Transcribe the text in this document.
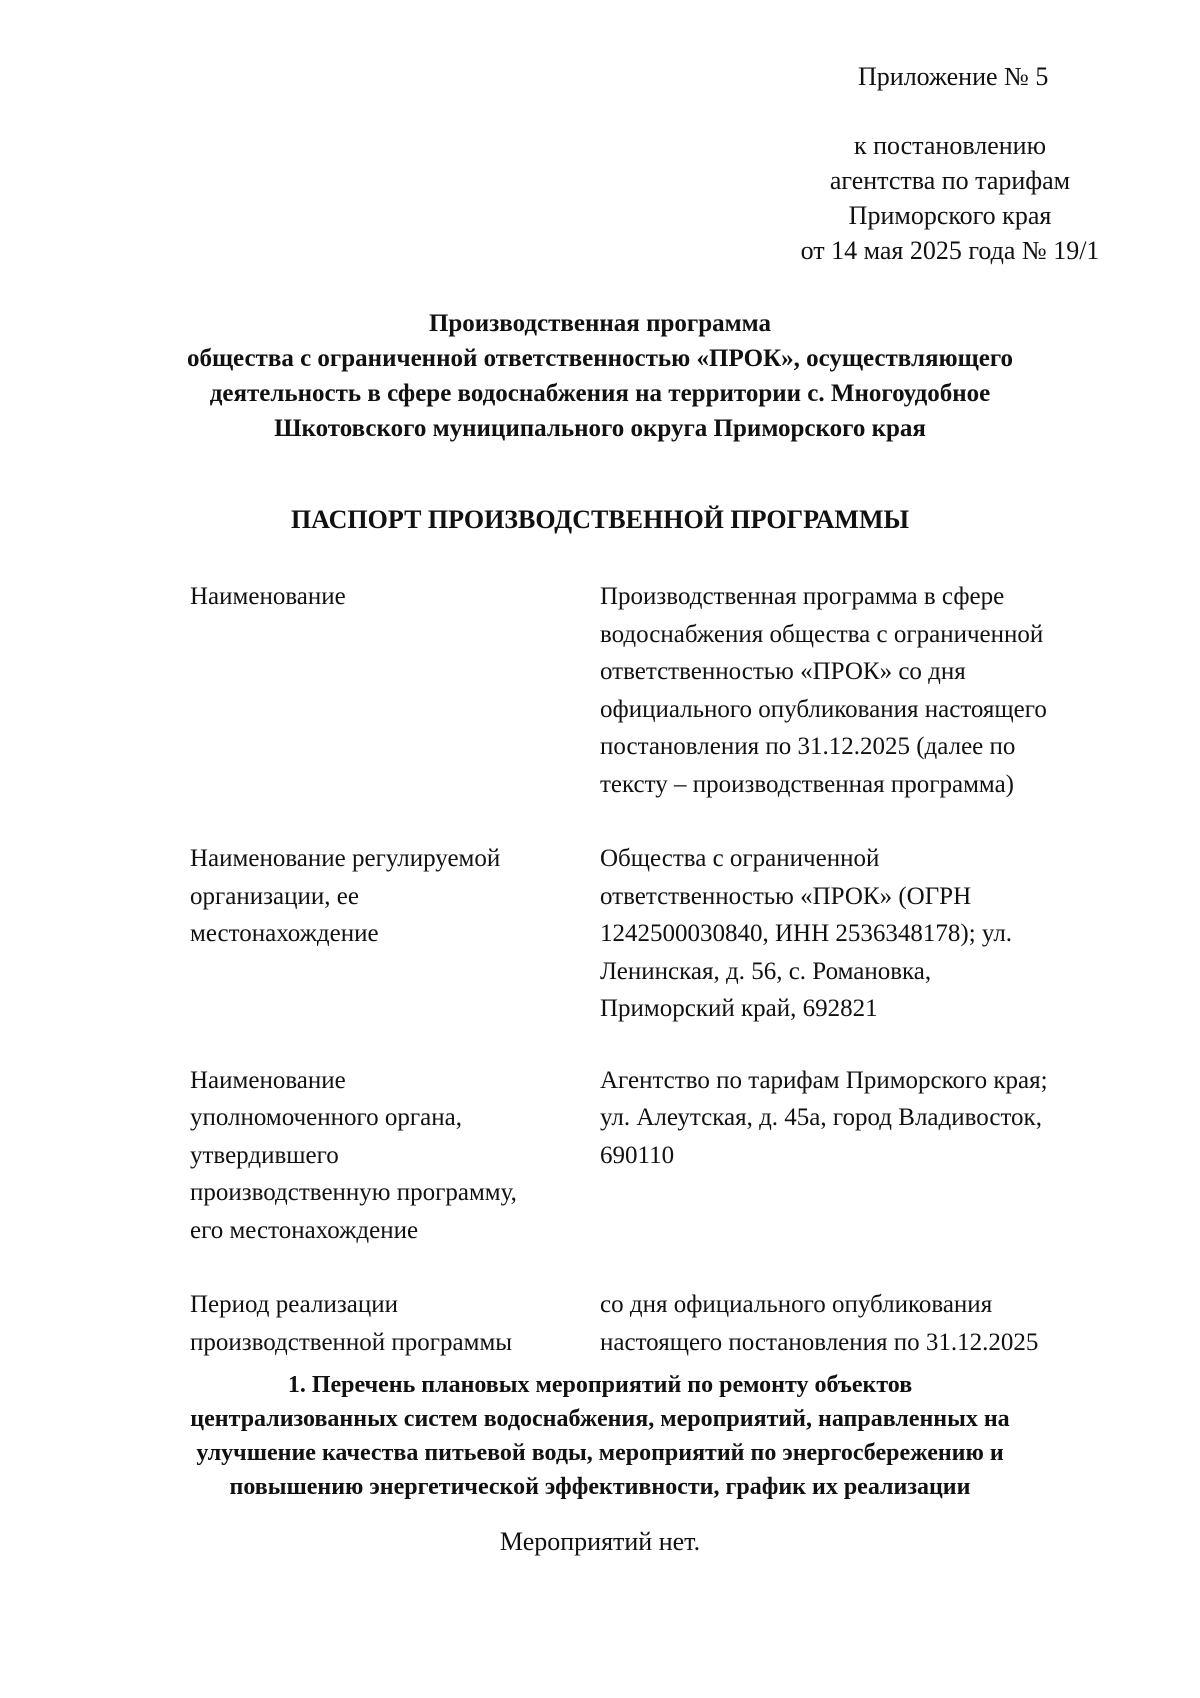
Приложение № 5
к постановлению
агентства по тарифам
Приморского края
от 14 мая 2025 года № 19/1
Производственная программа
общества с ограниченной ответственностью «ПРОК», осуществляющего
деятельность в сфере водоснабжения на территории с. Многоудобное
Шкотовского муниципального округа Приморского края
ПАСПОРТ ПРОИЗВОДСТВЕННОЙ ПРОГРАММЫ
Наименование	Производственная программа в сфере
водоснабжения общества с ограниченной
ответственностью «ПРОК» со дня
официального опубликования настоящего
постановления по 31.12.2025 (далее по
тексту – производственная программа)
Наименование регулируемой
организации, ее
местонахождение
Общества с ограниченной
ответственностью «ПРОК» (ОГРН
1242500030840, ИНН 2536348178); ул.
Ленинская, д. 56, с. Романовка,
Приморский край, 692821
Наименование
уполномоченного органа,
утвердившего
производственную программу,
его местонахождение
Агентство по тарифам Приморского края;
ул. Алеутская, д. 45а, город Владивосток,
690110
Период реализации
производственной программы
со дня официального опубликования
настоящего постановления по 31.12.2025
1. Перечень плановых мероприятий по ремонту объектов
централизованных систем водоснабжения, мероприятий, направленных на
улучшение качества питьевой воды, мероприятий по энергосбережению и
повышению энергетической эффективности, график их реализации
Мероприятий нет.
